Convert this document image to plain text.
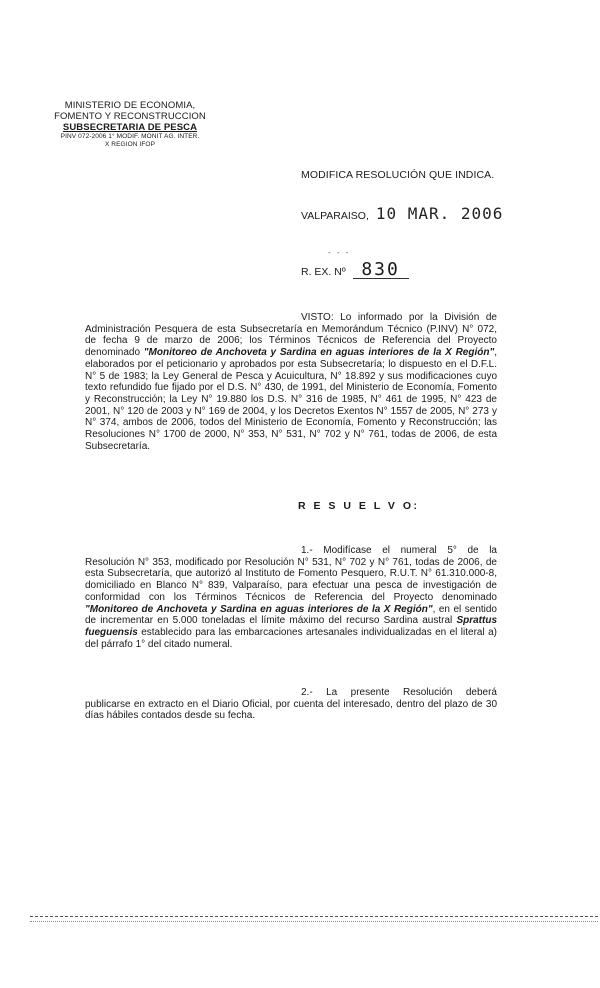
MINISTERIO DE ECONOMIA,
FOMENTO Y RECONSTRUCCION
SUBSECRETARIA DE PESCA
PINV 072-2006 1° MODIF. MONIT AG. INTER.
X REGION IFOP
MODIFICA RESOLUCIÓN QUE INDICA.
VALPARAISO, 10 MAR. 2006
- - -
R. EX. Nº 830

VISTO: Lo informado por la División de Administración Pesquera de esta Subsecretaría en Memorándum Técnico (P.INV) N° 072, de fecha 9 de marzo de 2006; los Términos Técnicos de Referencia del Proyecto denominado "Monitoreo de Anchoveta y Sardina en aguas interiores de la X Región", elaborados por el peticionario y aprobados por esta Subsecretaría; lo dispuesto en el D.F.L. N° 5 de 1983; la Ley General de Pesca y Acuicultura, N° 18.892 y sus modificaciones cuyo texto refundido fue fijado por el D.S. N° 430, de 1991, del Ministerio de Economía, Fomento y Reconstrucción; la Ley N° 19.880 los D.S. N° 316 de 1985, N° 461 de 1995, N° 423 de 2001, N° 120 de 2003 y N° 169 de 2004, y los Decretos Exentos N° 1557 de 2005, N° 273 y N° 374, ambos de 2006, todos del Ministerio de Economía, Fomento y Reconstrucción; las Resoluciones N° 1700 de 2000, N° 353, N° 531, N° 702 y N° 761, todas de 2006, de esta Subsecretaría.

R E S U E L V O:

1.- Modifícase el numeral 5° de la Resolución N° 353, modificado por Resolución N° 531, N° 702 y N° 761, todas de 2006, de esta Subsecretaría, que autorizó al Instituto de Fomento Pesquero, R.U.T. N° 61.310.000-8, domiciliado en Blanco N° 839, Valparaíso, para efectuar una pesca de investigación de conformidad con los Términos Técnicos de Referencia del Proyecto denominado "Monitoreo de Anchoveta y Sardina en aguas interiores de la X Región", en el sentido de incrementar en 5.000 toneladas el límite máximo del recurso Sardina austral Sprattus fueguensis establecido para las embarcaciones artesanales individualizadas en el literal a) del párrafo 1° del citado numeral.

2.- La presente Resolución deberá publicarse en extracto en el Diario Oficial, por cuenta del interesado, dentro del plazo de 30 días hábiles contados desde su fecha.
